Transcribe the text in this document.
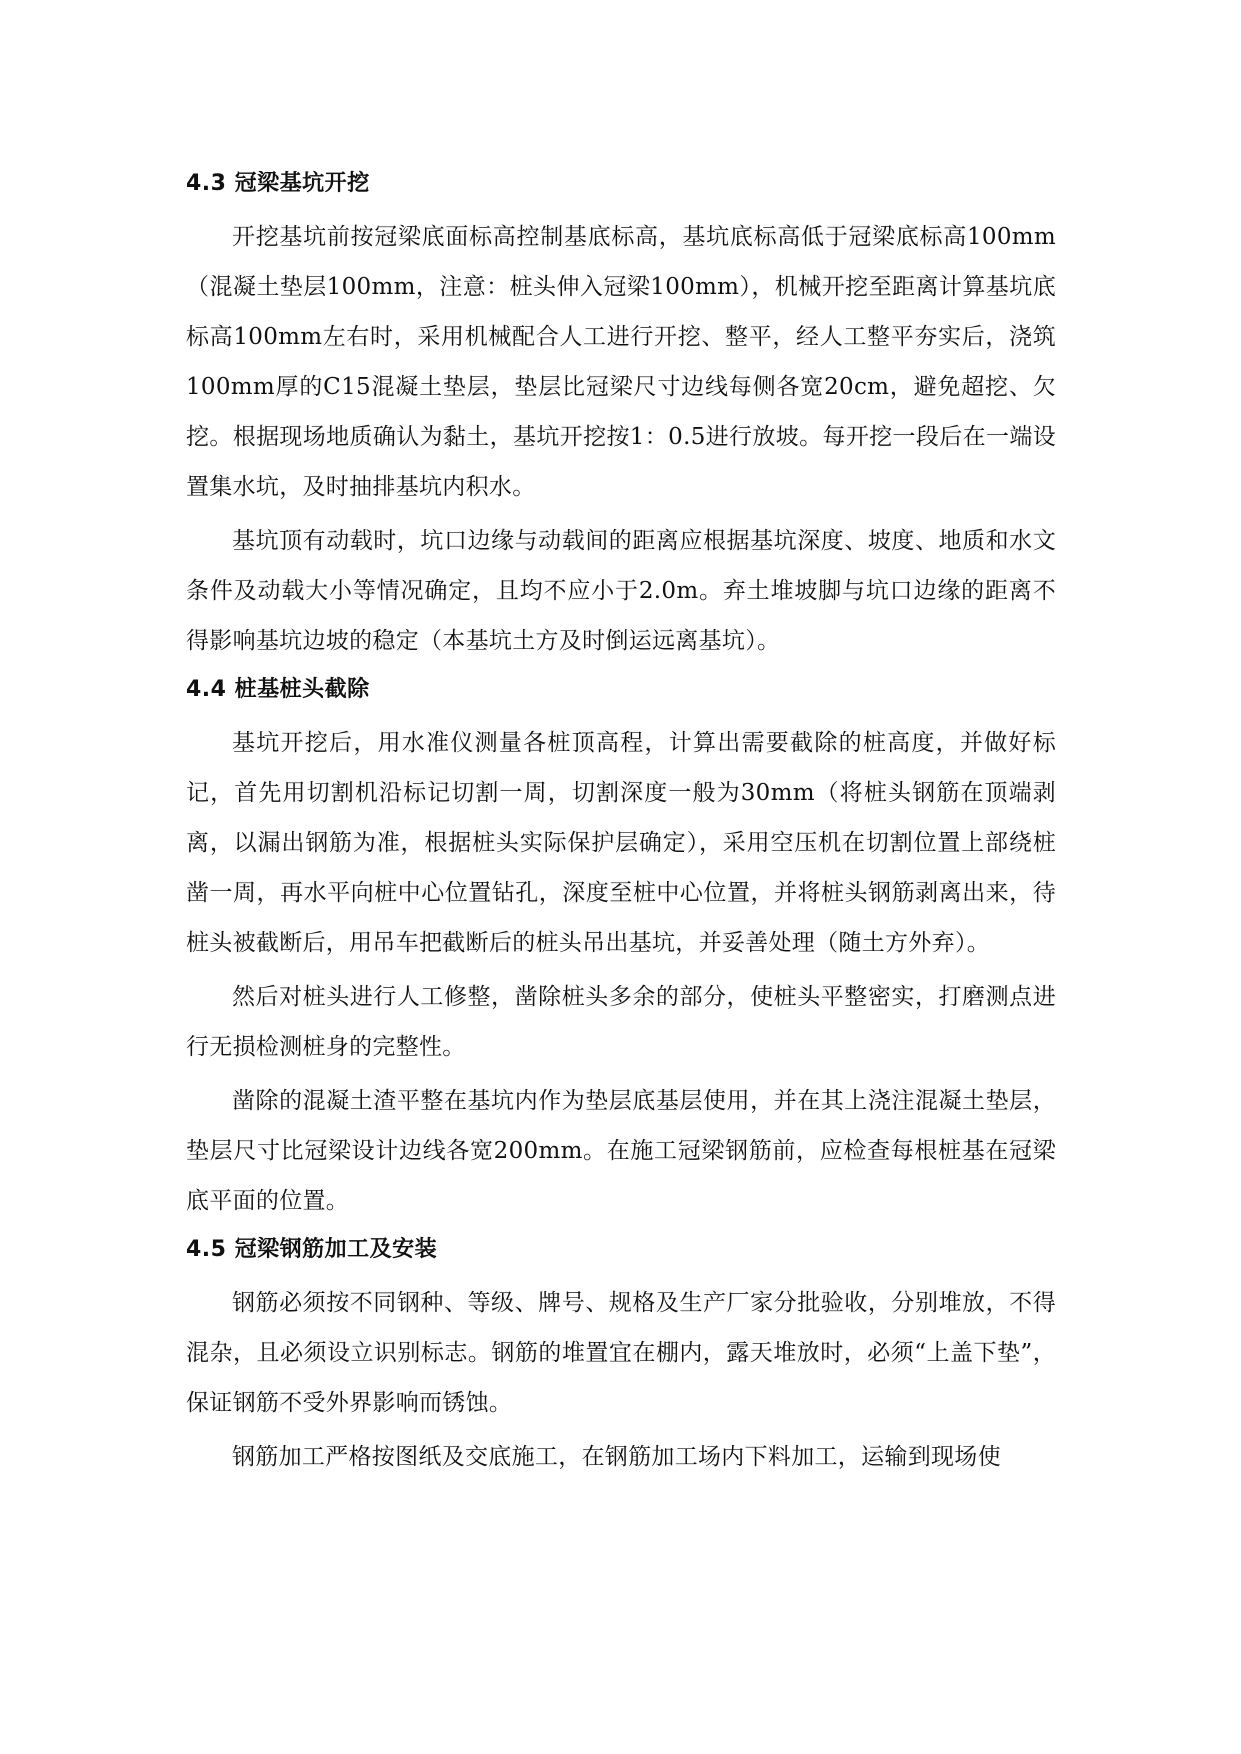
4.3 冠梁基坑开挖

开挖基坑前按冠梁底面标高控制基底标高，基坑底标高低于冠梁底标高100mm（混凝土垫层100mm，注意：桩头伸入冠梁100mm），机械开挖至距离计算基坑底标高100mm左右时，采用机械配合人工进行开挖、整平，经人工整平夯实后，浇筑100mm厚的C15混凝土垫层，垫层比冠梁尺寸边线每侧各宽20cm，避免超挖、欠挖。根据现场地质确认为黏土，基坑开挖按1：0.5进行放坡。每开挖一段后在一端设置集水坑，及时抽排基坑内积水。

基坑顶有动载时，坑口边缘与动载间的距离应根据基坑深度、坡度、地质和水文条件及动载大小等情况确定，且均不应小于2.0m。弃土堆坡脚与坑口边缘的距离不得影响基坑边坡的稳定（本基坑土方及时倒运远离基坑）。

4.4 桩基桩头截除

基坑开挖后，用水准仪测量各桩顶高程，计算出需要截除的桩高度，并做好标记，首先用切割机沿标记切割一周，切割深度一般为30mm（将桩头钢筋在顶端剥离，以漏出钢筋为准，根据桩头实际保护层确定），采用空压机在切割位置上部绕桩凿一周，再水平向桩中心位置钻孔，深度至桩中心位置，并将桩头钢筋剥离出来，待桩头被截断后，用吊车把截断后的桩头吊出基坑，并妥善处理（随土方外弃）。

然后对桩头进行人工修整，凿除桩头多余的部分，使桩头平整密实，打磨测点进行无损检测桩身的完整性。

凿除的混凝土渣平整在基坑内作为垫层底基层使用，并在其上浇注混凝土垫层，垫层尺寸比冠梁设计边线各宽200mm。在施工冠梁钢筋前，应检查每根桩基在冠梁底平面的位置。

4.5 冠梁钢筋加工及安装

钢筋必须按不同钢种、等级、牌号、规格及生产厂家分批验收，分别堆放，不得混杂，且必须设立识别标志。钢筋的堆置宜在棚内，露天堆放时，必须“上盖下垫”，保证钢筋不受外界影响而锈蚀。

钢筋加工严格按图纸及交底施工，在钢筋加工场内下料加工，运输到现场使
